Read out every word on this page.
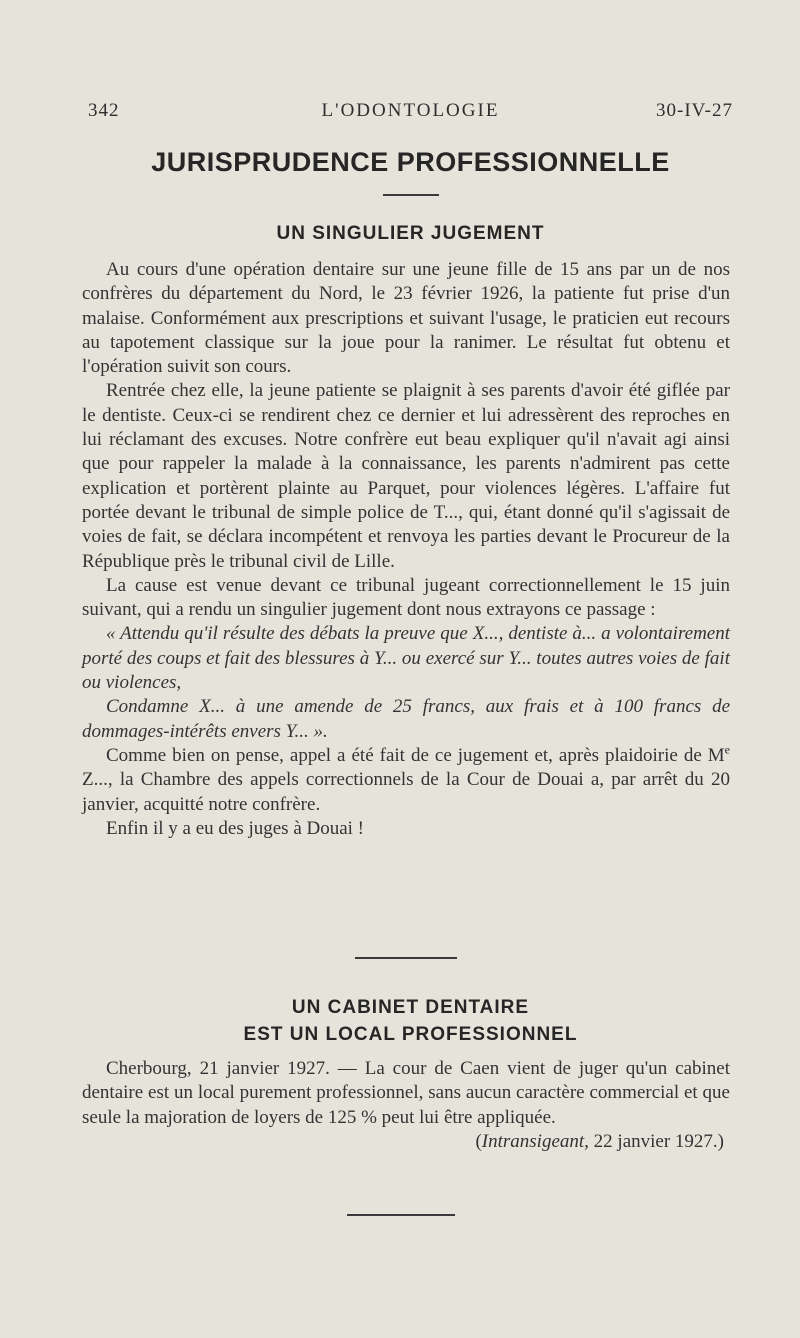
342	L'ODONTOLOGIE	30-IV-27
JURISPRUDENCE PROFESSIONNELLE
UN SINGULIER JUGEMENT

Au cours d'une opération dentaire sur une jeune fille de 15 ans par un de nos confrères du département du Nord, le 23 février 1926, la patiente fut prise d'un malaise. Conformément aux prescriptions et suivant l'usage, le praticien eut recours au tapotement classique sur la joue pour la ranimer. Le résultat fut obtenu et l'opération suivit son cours.

Rentrée chez elle, la jeune patiente se plaignit à ses parents d'avoir été giflée par le dentiste. Ceux-ci se rendirent chez ce dernier et lui adressèrent des reproches en lui réclamant des excuses. Notre confrère eut beau expliquer qu'il n'avait agi ainsi que pour rappeler la malade à la connaissance, les parents n'admirent pas cette explication et portèrent plainte au Parquet, pour violences légères. L'affaire fut portée devant le tribunal de simple police de T..., qui, étant donné qu'il s'agissait de voies de fait, se déclara incompétent et renvoya les parties devant le Procureur de la République près le tribunal civil de Lille.

La cause est venue devant ce tribunal jugeant correctionnellement le 15 juin suivant, qui a rendu un singulier jugement dont nous extrayons ce passage :

« Attendu qu'il résulte des débats la preuve que X..., dentiste à... a volontairement porté des coups et fait des blessures à Y... ou exercé sur Y... toutes autres voies de fait ou violences,

Condamne X... à une amende de 25 francs, aux frais et à 100 francs de dommages-intérêts envers Y... ».

Comme bien on pense, appel a été fait de ce jugement et, après plaidoirie de Me Z..., la Chambre des appels correctionnels de la Cour de Douai a, par arrêt du 20 janvier, acquitté notre confrère.

Enfin il y a eu des juges à Douai !

UN CABINET DENTAIRE
EST UN LOCAL PROFESSIONNEL

Cherbourg, 21 janvier 1927. — La cour de Caen vient de juger qu'un cabinet dentaire est un local purement professionnel, sans aucun caractère commercial et que seule la majoration de loyers de 125 % peut lui être appliquée.

(Intransigeant, 22 janvier 1927.)
